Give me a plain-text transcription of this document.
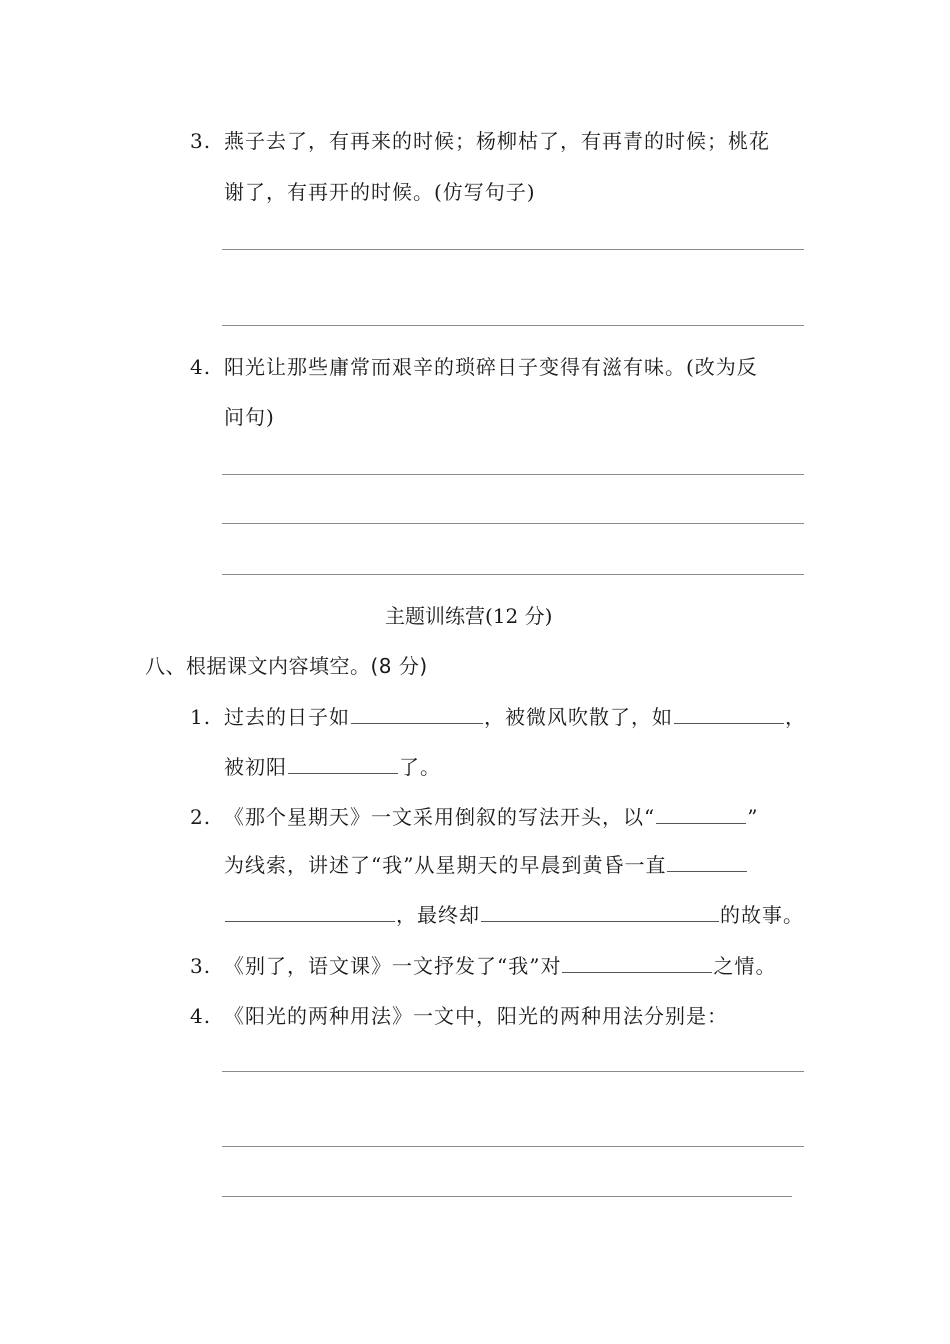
3. 燕子去了，有再来的时候；杨柳枯了，有再青的时候；桃花
谢了，有再开的时候。(仿写句子)
4. 阳光让那些庸常而艰辛的琐碎日子变得有滋有味。(改为反
问句)
主题训练营(12 分)
八、根据课文内容填空。(8 分)
1. 过去的日子如	，被微风吹散了，如	，
被初阳	了。
2. 《那个星期天》一文采用倒叙的写法开头，以“	”
为线索，讲述了“我”从星期天的早晨到黄昏一直
，最终却	的故事。
3. 《别了，语文课》一文抒发了“我”对	之情。
4. 《阳光的两种用法》一文中，阳光的两种用法分别是：
